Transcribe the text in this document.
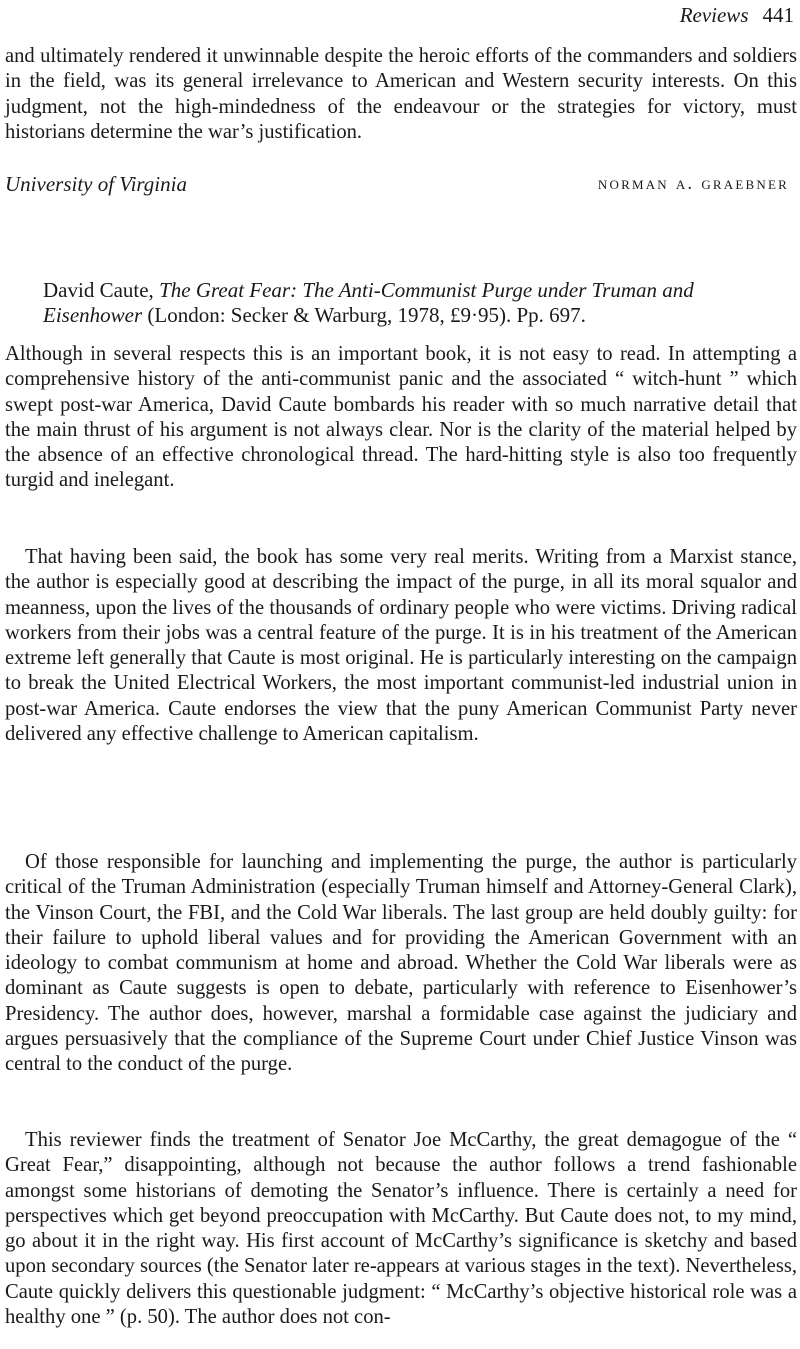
Reviews 441

and ultimately rendered it unwinnable despite the heroic efforts of the commanders and soldiers in the field, was its general irrelevance to American and Western security interests. On this judgment, not the high-mindedness of the endeavour or the strategies for victory, must historians determine the war’s justification.

University of Virginia	norman a. graebner

David Caute, The Great Fear: The Anti-Communist Purge under Truman and Eisenhower (London: Secker & Warburg, 1978, £9·95). Pp. 697.

Although in several respects this is an important book, it is not easy to read. In attempting a comprehensive history of the anti-communist panic and the associated “ witch-hunt ” which swept post-war America, David Caute bombards his reader with so much narrative detail that the main thrust of his argument is not always clear. Nor is the clarity of the material helped by the absence of an effective chronological thread. The hard-hitting style is also too frequently turgid and inelegant.

That having been said, the book has some very real merits. Writing from a Marxist stance, the author is especially good at describing the impact of the purge, in all its moral squalor and meanness, upon the lives of the thousands of ordinary people who were victims. Driving radical workers from their jobs was a central feature of the purge. It is in his treatment of the American extreme left generally that Caute is most original. He is particularly interesting on the campaign to break the United Electrical Workers, the most important communist-led industrial union in post-war America. Caute endorses the view that the puny American Communist Party never delivered any effective challenge to American capitalism.

Of those responsible for launching and implementing the purge, the author is particularly critical of the Truman Administration (especially Truman himself and Attorney-General Clark), the Vinson Court, the FBI, and the Cold War liberals. The last group are held doubly guilty: for their failure to uphold liberal values and for providing the American Government with an ideology to combat communism at home and abroad. Whether the Cold War liberals were as dominant as Caute suggests is open to debate, particularly with reference to Eisenhower’s Presidency. The author does, however, marshal a formidable case against the judiciary and argues persuasively that the compliance of the Supreme Court under Chief Justice Vinson was central to the conduct of the purge.

This reviewer finds the treatment of Senator Joe McCarthy, the great demagogue of the “ Great Fear,” disappointing, although not because the author follows a trend fashionable amongst some historians of demoting the Senator’s influence. There is certainly a need for perspectives which get beyond preoccupation with McCarthy. But Caute does not, to my mind, go about it in the right way. His first account of McCarthy’s significance is sketchy and based upon secondary sources (the Senator later re-appears at various stages in the text). Nevertheless, Caute quickly delivers this questionable judgment: “ McCarthy’s objective historical role was a healthy one ” (p. 50). The author does not con-
